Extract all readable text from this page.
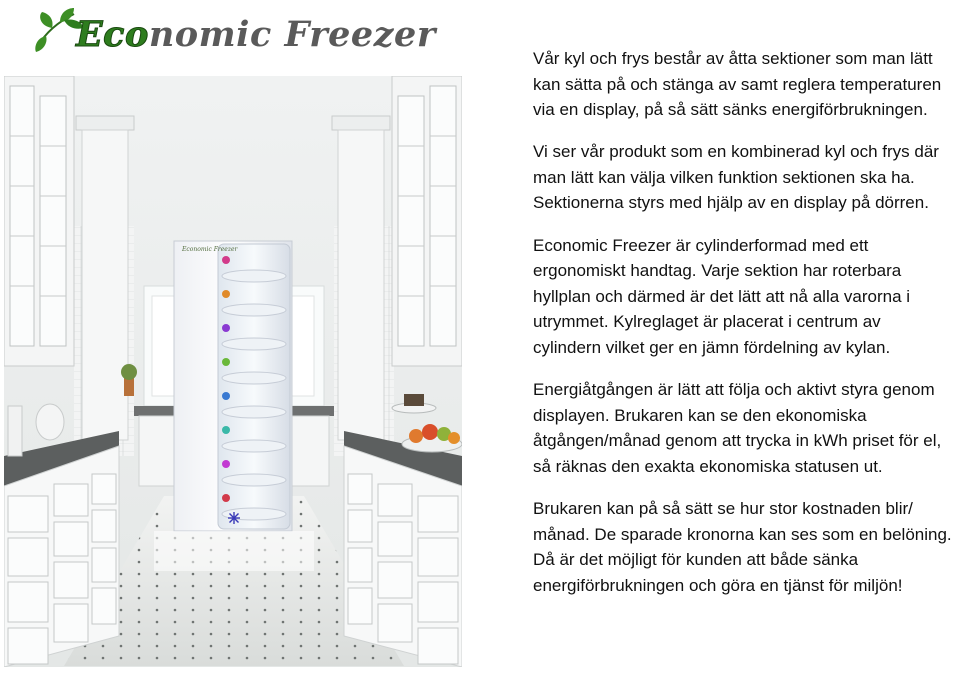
Economic Freezer
Economic Freezer

Vår kyl och frys består av åtta sektioner som man lätt kan sätta på och stänga av samt reglera temperaturen via en display, på så sätt sänks energiförbrukningen.

Vi ser vår produkt som en kombinerad kyl och frys där man lätt kan välja vilken funktion sektionen ska ha. Sektionerna styrs med hjälp av en display på dörren.

Economic Freezer är cylinderformad med ett ergonomiskt handtag. Varje sektion har roterbara hyllplan och därmed är det lätt att nå alla varorna i utrymmet. Kylreglaget är placerat i centrum av cylindern vilket ger en jämn fördelning av kylan.

Energiåtgången är lätt att följa och aktivt styra genom displayen. Brukaren kan se den ekonomiska åtgången/månad genom att trycka in kWh priset för el, så räknas den exakta ekonomiska statusen ut.

Brukaren kan på så sätt se hur stor kostnaden blir/ månad. De sparade kronorna kan ses som en belöning. Då är det möjligt för kunden att både sänka energiförbrukningen och göra en tjänst för miljön!
